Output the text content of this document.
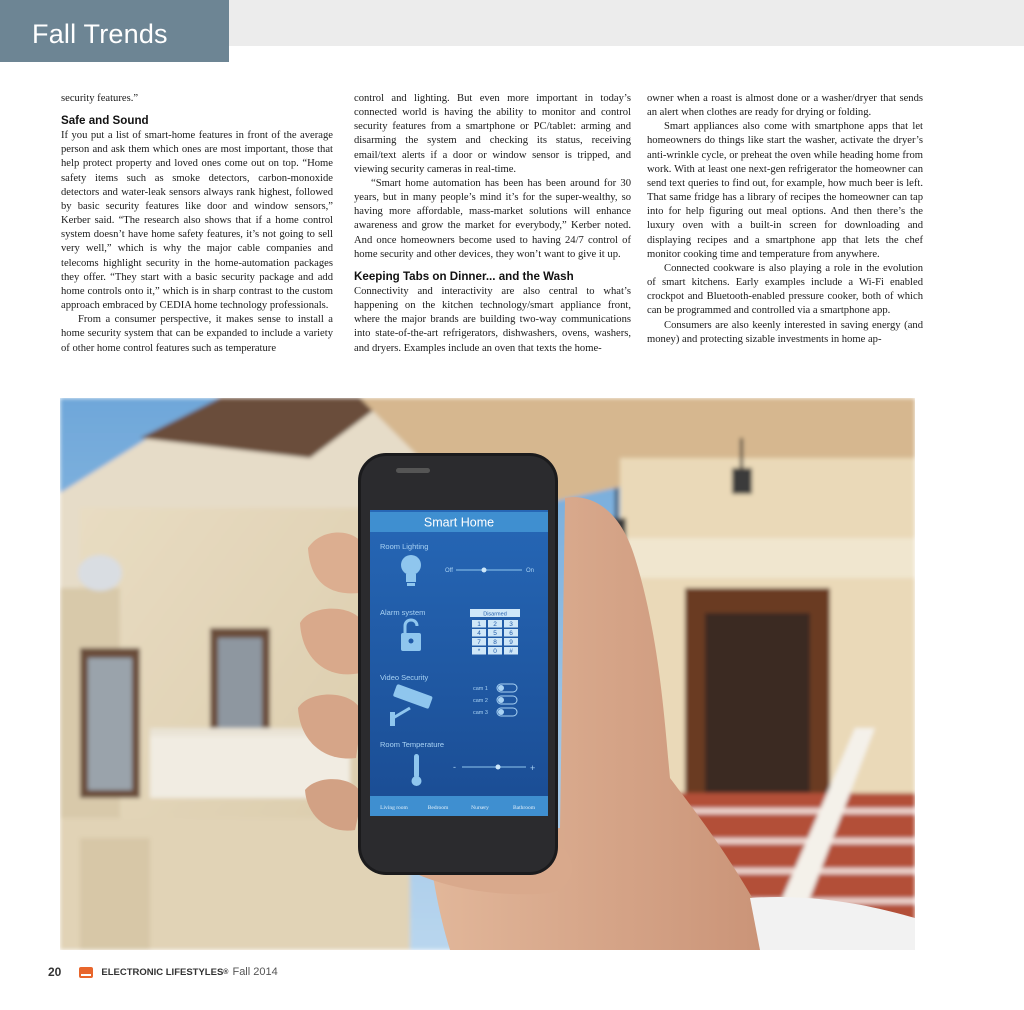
Fall Trends

security features.”

Safe and Sound

If you put a list of smart-home features in front of the average person and ask them which ones are most important, those that help protect property and loved ones come out on top. “Home safety items such as smoke detectors, carbon-monoxide detectors and water-leak sensors always rank highest, followed by basic security features like door and window sensors,” Kerber said. “The research also shows that if a home control system doesn’t have home safety features, it’s not going to sell very well,” which is why the major cable companies and telecoms highlight security in the home-automation packages they offer. “They start with a basic security package and add home controls onto it,” which is in sharp contrast to the custom approach embraced by CEDIA home technology professionals.

From a consumer perspective, it makes sense to install a home security system that can be expanded to include a variety of other home control features such as temperature

control and lighting. But even more important in today’s connected world is having the ability to monitor and control security features from a smartphone or PC/tablet: arming and disarming the system and checking its status, receiving email/text alerts if a door or window sensor is tripped, and viewing security cameras in real-time.

“Smart home automation has been has been around for 30 years, but in many people’s mind it’s for the super-wealthy, so having more affordable, mass-market solutions will enhance awareness and grow the market for everybody,” Kerber noted. And once homeowners become used to having 24/7 control of home security and other devices, they won’t want to give it up.

Keeping Tabs on Dinner... and the Wash

Connectivity and interactivity are also central to what’s happening on the kitchen technology/smart appliance front, where the major brands are building two-way communications into state-of-the-art refrigerators, dishwashers, ovens, washers, and dryers. Examples include an oven that texts the home-

owner when a roast is almost done or a washer/dryer that sends an alert when clothes are ready for drying or folding.

Smart appliances also come with smartphone apps that let homeowners do things like start the washer, activate the dryer’s anti-wrinkle cycle, or preheat the oven while heading home from work. With at least one next-gen refrigerator the homeowner can send text queries to find out, for example, how much beer is left. That same fridge has a library of recipes the homeowner can tap into for help figuring out meal options. And then there’s the luxury oven with a built-in screen for downloading and displaying recipes and a smartphone app that lets the chef monitor cooking time and temperature from anywhere.

Connected cookware is also playing a role in the evolution of smart kitchens. Early examples include a Wi-Fi enabled crockpot and Bluetooth-enabled pressure cooker, both of which can be programmed and controlled via a smartphone app.

Consumers are also keenly interested in saving energy (and money) and protecting sizable investments in home ap-

Smart Home
Room Lighting
Off	On
Alarm system	Disarmed
1 2 3
4 5 6
7 8 9
* 0 #
Video Security
cam 1
cam 2
cam 3
Room Temperature
-	+
Living room	Bedroom	Nursery	Bathroom
20	ELECTRONIC LIFESTYLES ® Fall 2014
